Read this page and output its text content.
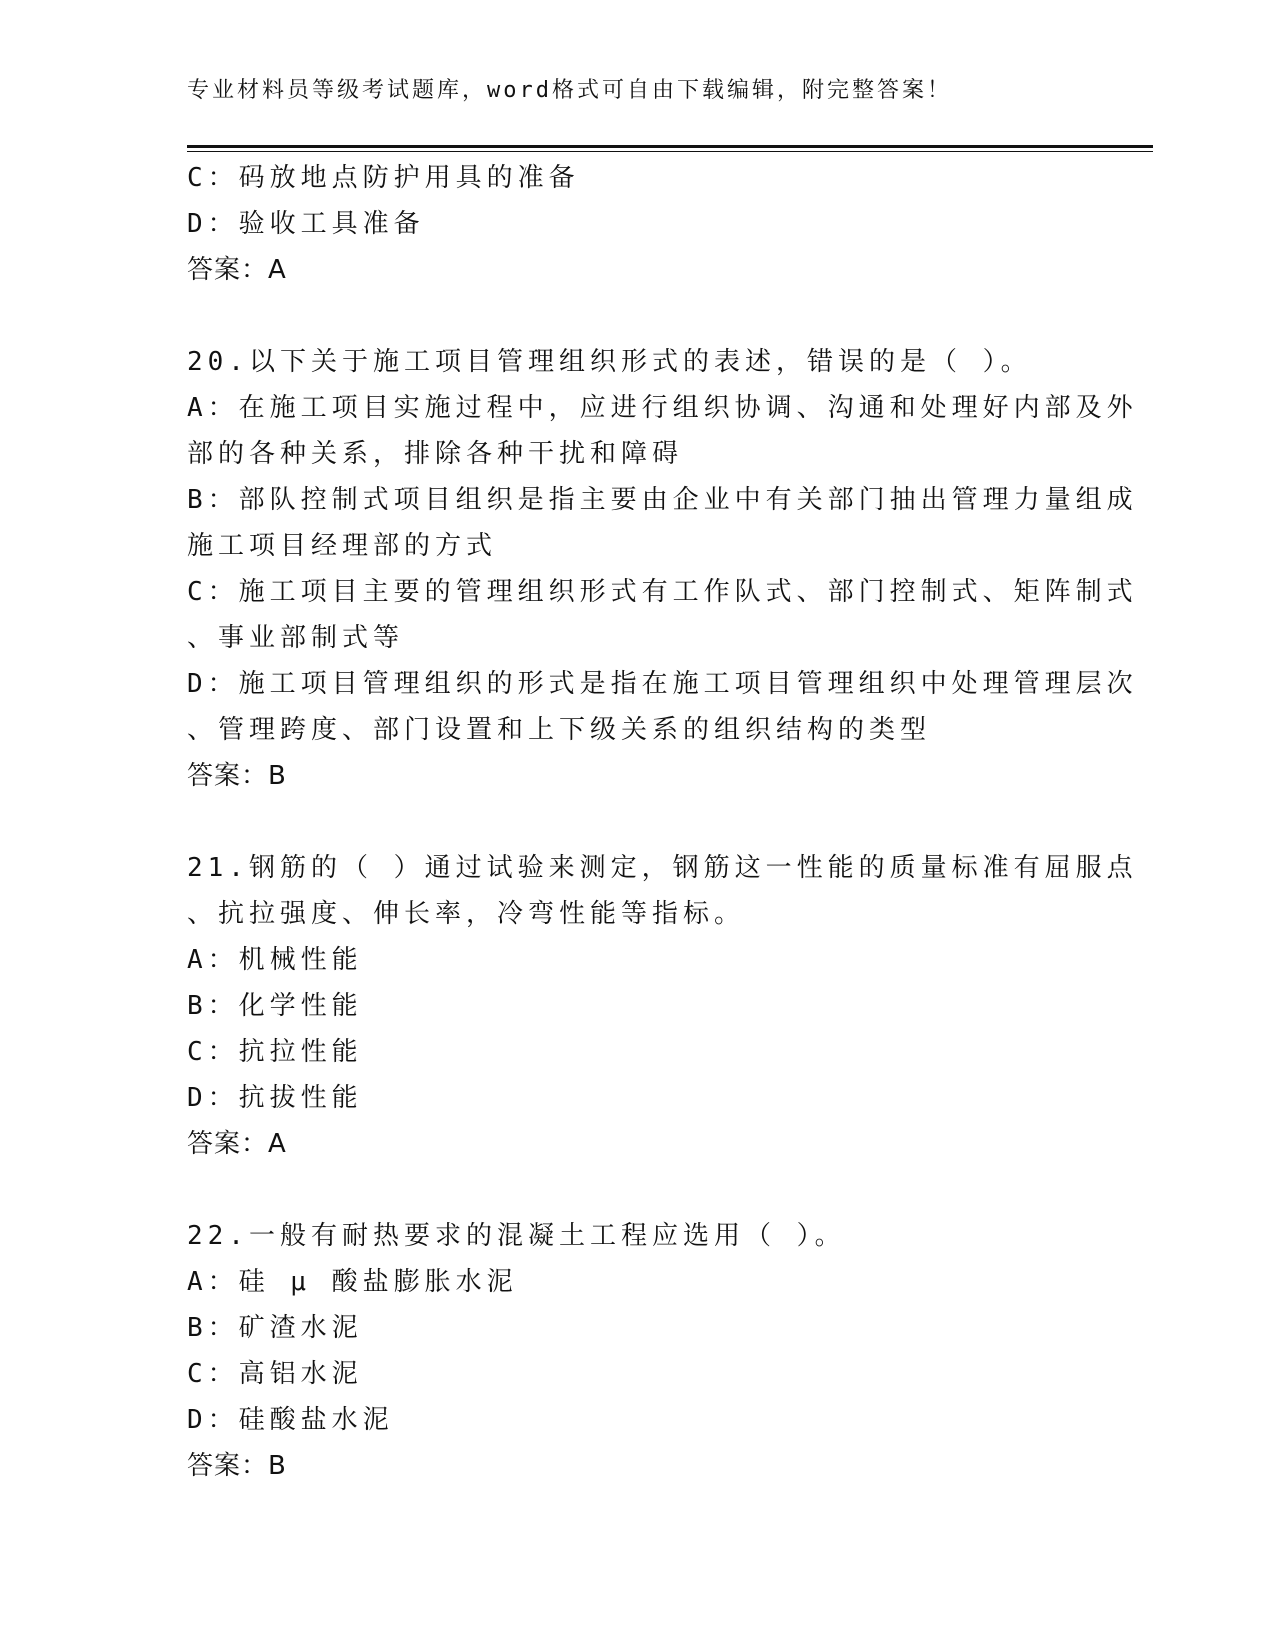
专业材料员等级考试题库，word格式可自由下载编辑，附完整答案！
C：码放地点防护用具的准备
D：验收工具准备
答案：A
20.以下关于施工项目管理组织形式的表述，错误的是（ ）。
A：在施工项目实施过程中，应进行组织协调、沟通和处理好内部及外
部的各种关系，排除各种干扰和障碍
B：部队控制式项目组织是指主要由企业中有关部门抽出管理力量组成
施工项目经理部的方式
C：施工项目主要的管理组织形式有工作队式、部门控制式、矩阵制式
、事业部制式等
D：施工项目管理组织的形式是指在施工项目管理组织中处理管理层次
、管理跨度、部门设置和上下级关系的组织结构的类型
答案：B
21.钢筋的（ ）通过试验来测定，钢筋这一性能的质量标准有屈服点
、抗拉强度、伸长率，冷弯性能等指标。
A：机械性能
B：化学性能
C：抗拉性能
D：抗拔性能
答案：A
22.一般有耐热要求的混凝土工程应选用（ ）。
A：硅 μ 酸盐膨胀水泥
B：矿渣水泥
C：高铝水泥
D：硅酸盐水泥
答案：B
